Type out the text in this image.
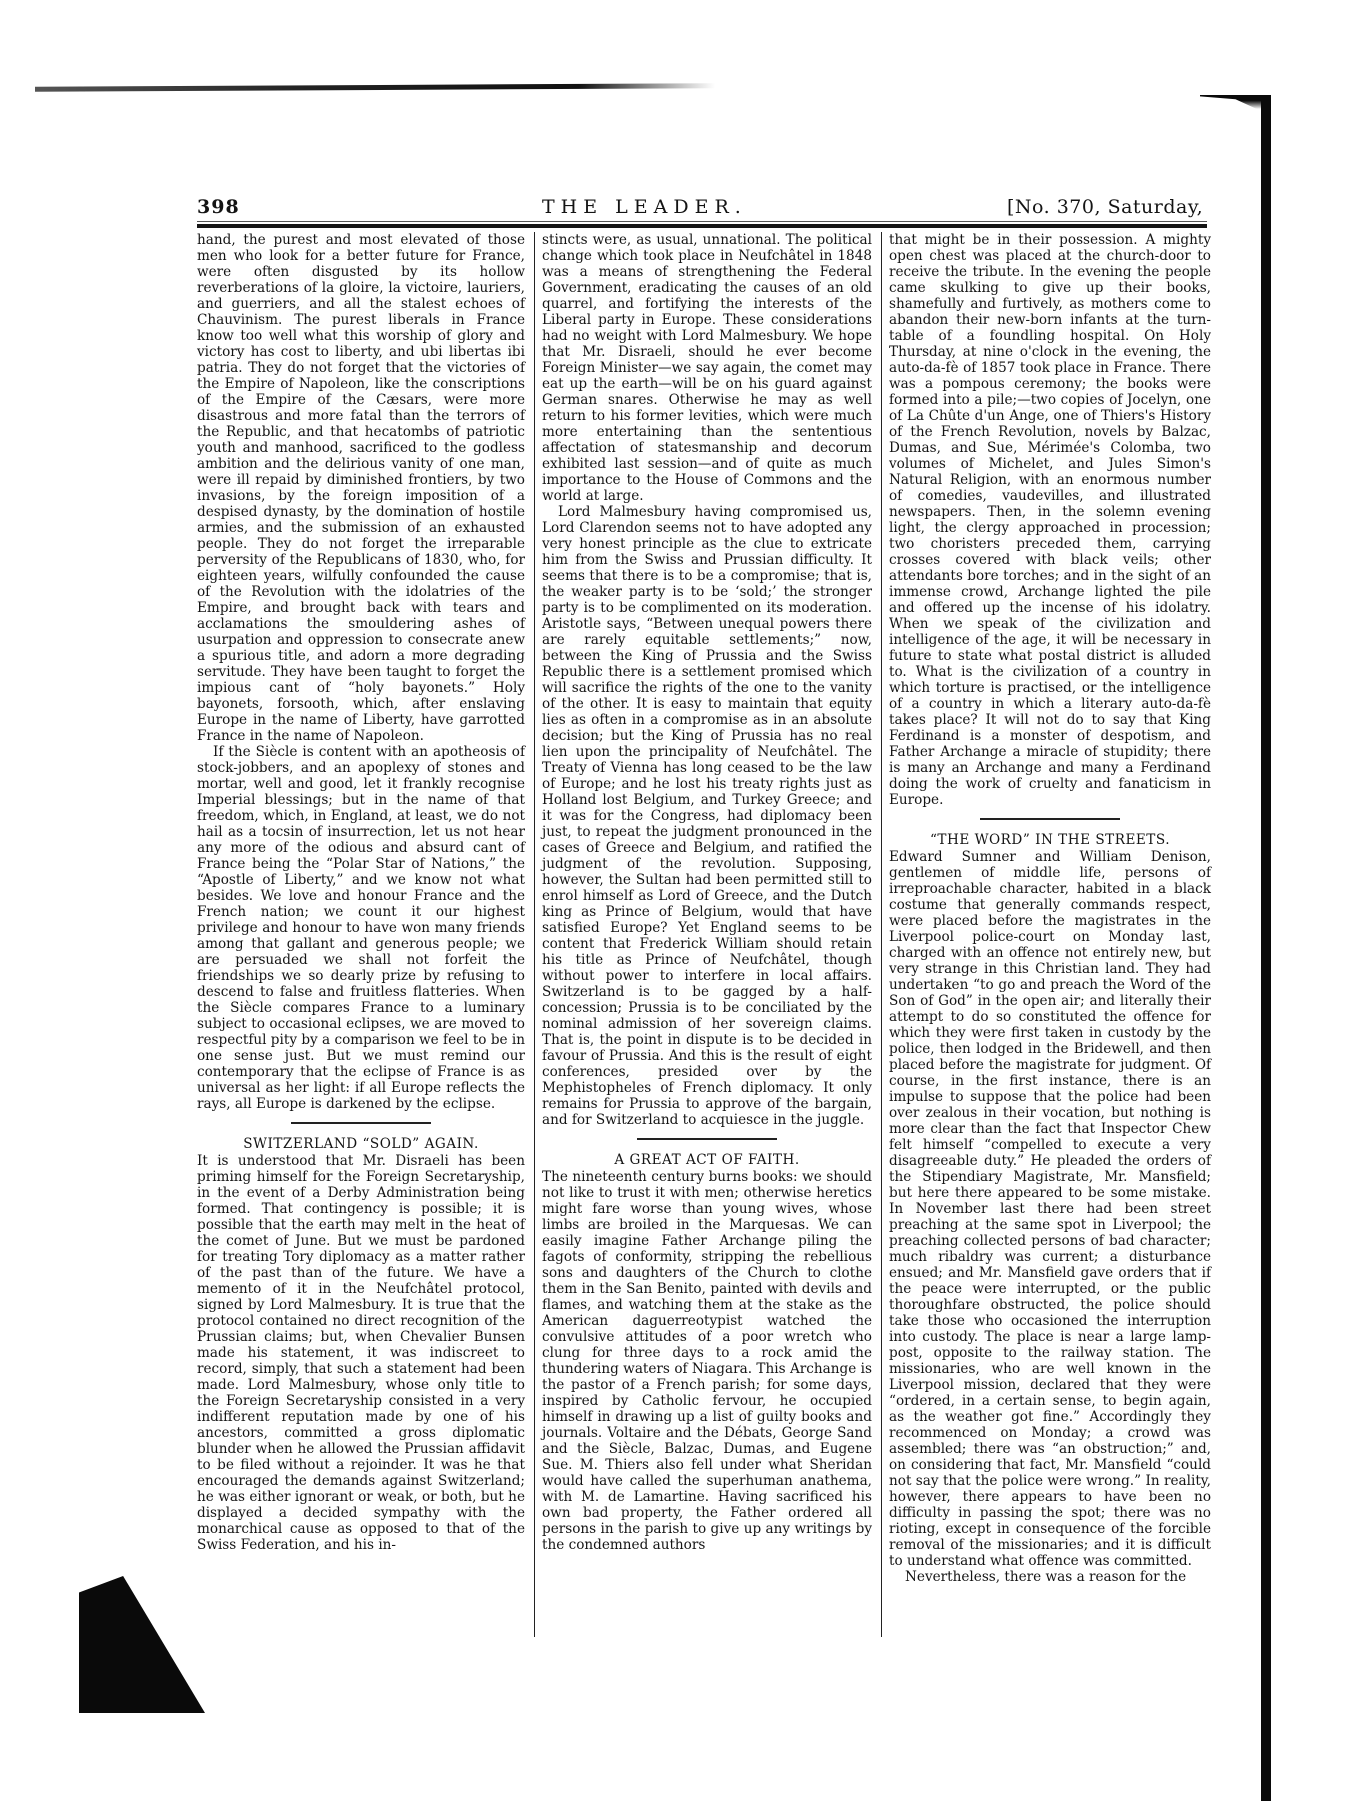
398	THE LEADER.	[No. 370, Saturday,

hand, the purest and most elevated of those men who look for a better future for France, were often disgusted by its hollow reverberations of la gloire, la victoire, lauriers, and guerriers, and all the stalest echoes of Chauvinism. The purest liberals in France know too well what this worship of glory and victory has cost to liberty, and ubi libertas ibi patria. They do not forget that the victories of the Empire of Napoleon, like the conscriptions of the Empire of the Cæsars, were more disastrous and more fatal than the terrors of the Republic, and that hecatombs of patriotic youth and manhood, sacrificed to the godless ambition and the delirious vanity of one man, were ill repaid by diminished frontiers, by two invasions, by the foreign imposition of a despised dynasty, by the domination of hostile armies, and the submission of an exhausted people. They do not forget the irreparable perversity of the Republicans of 1830, who, for eighteen years, wilfully confounded the cause of the Revolution with the idolatries of the Empire, and brought back with tears and acclamations the smouldering ashes of usurpation and oppression to consecrate anew a spurious title, and adorn a more degrading servitude. They have been taught to forget the impious cant of “holy bayonets.” Holy bayonets, forsooth, which, after enslaving Europe in the name of Liberty, have garrotted France in the name of Napoleon.

If the Siècle is content with an apotheosis of stock-jobbers, and an apoplexy of stones and mortar, well and good, let it frankly recognise Imperial blessings; but in the name of that freedom, which, in England, at least, we do not hail as a tocsin of insurrection, let us not hear any more of the odious and absurd cant of France being the “Polar Star of Nations,” the “Apostle of Liberty,” and we know not what besides. We love and honour France and the French nation; we count it our highest privilege and honour to have won many friends among that gallant and generous people; we are persuaded we shall not forfeit the friendships we so dearly prize by refusing to descend to false and fruitless flatteries. When the Siècle compares France to a luminary subject to occasional eclipses, we are moved to respectful pity by a comparison we feel to be in one sense just. But we must remind our contemporary that the eclipse of France is as universal as her light: if all Europe reflects the rays, all Europe is darkened by the eclipse.

SWITZERLAND “SOLD” AGAIN.

It is understood that Mr. Disraeli has been priming himself for the Foreign Secretaryship, in the event of a Derby Administration being formed. That contingency is possible; it is possible that the earth may melt in the heat of the comet of June. But we must be pardoned for treating Tory diplomacy as a matter rather of the past than of the future. We have a memento of it in the Neufchâtel protocol, signed by Lord Malmesbury. It is true that the protocol contained no direct recognition of the Prussian claims; but, when Chevalier Bunsen made his statement, it was indiscreet to record, simply, that such a statement had been made. Lord Malmesbury, whose only title to the Foreign Secretaryship consisted in a very indifferent reputation made by one of his ancestors, committed a gross diplomatic blunder when he allowed the Prussian affidavit to be filed without a rejoinder. It was he that encouraged the demands against Switzerland; he was either ignorant or weak, or both, but he displayed a decided sympathy with the monarchical cause as opposed to that of the Swiss Federation, and his in-

stincts were, as usual, unnational. The political change which took place in Neufchâtel in 1848 was a means of strengthening the Federal Government, eradicating the causes of an old quarrel, and fortifying the interests of the Liberal party in Europe. These considerations had no weight with Lord Malmesbury. We hope that Mr. Disraeli, should he ever become Foreign Minister—we say again, the comet may eat up the earth—will be on his guard against German snares. Otherwise he may as well return to his former levities, which were much more entertaining than the sententious affectation of statesmanship and decorum exhibited last session—and of quite as much importance to the House of Commons and the world at large.

Lord Malmesbury having compromised us, Lord Clarendon seems not to have adopted any very honest principle as the clue to extricate him from the Swiss and Prussian difficulty. It seems that there is to be a compromise; that is, the weaker party is to be ‘sold;’ the stronger party is to be complimented on its moderation. Aristotle says, “Between unequal powers there are rarely equitable settlements;” now, between the King of Prussia and the Swiss Republic there is a settlement promised which will sacrifice the rights of the one to the vanity of the other. It is easy to maintain that equity lies as often in a compromise as in an absolute decision; but the King of Prussia has no real lien upon the principality of Neufchâtel. The Treaty of Vienna has long ceased to be the law of Europe; and he lost his treaty rights just as Holland lost Belgium, and Turkey Greece; and it was for the Congress, had diplomacy been just, to repeat the judgment pronounced in the cases of Greece and Belgium, and ratified the judgment of the revolution. Supposing, however, the Sultan had been permitted still to enrol himself as Lord of Greece, and the Dutch king as Prince of Belgium, would that have satisfied Europe? Yet England seems to be content that Frederick William should retain his title as Prince of Neufchâtel, though without power to interfere in local affairs. Switzerland is to be gagged by a half-concession; Prussia is to be conciliated by the nominal admission of her sovereign claims. That is, the point in dispute is to be decided in favour of Prussia. And this is the result of eight conferences, presided over by the Mephistopheles of French diplomacy. It only remains for Prussia to approve of the bargain, and for Switzerland to acquiesce in the juggle.

A GREAT ACT OF FAITH.

The nineteenth century burns books: we should not like to trust it with men; otherwise heretics might fare worse than young wives, whose limbs are broiled in the Marquesas. We can easily imagine Father Archange piling the fagots of conformity, stripping the rebellious sons and daughters of the Church to clothe them in the San Benito, painted with devils and flames, and watching them at the stake as the American daguerreotypist watched the convulsive attitudes of a poor wretch who clung for three days to a rock amid the thundering waters of Niagara. This Archange is the pastor of a French parish; for some days, inspired by Catholic fervour, he occupied himself in drawing up a list of guilty books and journals. Voltaire and the Débats, George Sand and the Siècle, Balzac, Dumas, and Eugene Sue. M. Thiers also fell under what Sheridan would have called the superhuman anathema, with M. de Lamartine. Having sacrificed his own bad property, the Father ordered all persons in the parish to give up any writings by the condemned authors

that might be in their possession. A mighty open chest was placed at the church-door to receive the tribute. In the evening the people came skulking to give up their books, shamefully and furtively, as mothers come to abandon their new-born infants at the turn-table of a foundling hospital. On Holy Thursday, at nine o'clock in the evening, the auto-da-fè of 1857 took place in France. There was a pompous ceremony; the books were formed into a pile;—two copies of Jocelyn, one of La Chûte d'un Ange, one of Thiers's History of the French Revolution, novels by Balzac, Dumas, and Sue, Mérimée's Colomba, two volumes of Michelet, and Jules Simon's Natural Religion, with an enormous number of comedies, vaudevilles, and illustrated newspapers. Then, in the solemn evening light, the clergy approached in procession; two choristers preceded them, carrying crosses covered with black veils; other attendants bore torches; and in the sight of an immense crowd, Archange lighted the pile and offered up the incense of his idolatry. When we speak of the civilization and intelligence of the age, it will be necessary in future to state what postal district is alluded to. What is the civilization of a country in which torture is practised, or the intelligence of a country in which a literary auto-da-fè takes place? It will not do to say that King Ferdinand is a monster of despotism, and Father Archange a miracle of stupidity; there is many an Archange and many a Ferdinand doing the work of cruelty and fanaticism in Europe.

“THE WORD” IN THE STREETS.

Edward Sumner and William Denison, gentlemen of middle life, persons of irreproachable character, habited in a black costume that generally commands respect, were placed before the magistrates in the Liverpool police-court on Monday last, charged with an offence not entirely new, but very strange in this Christian land. They had undertaken “to go and preach the Word of the Son of God” in the open air; and literally their attempt to do so constituted the offence for which they were first taken in custody by the police, then lodged in the Bridewell, and then placed before the magistrate for judgment. Of course, in the first instance, there is an impulse to suppose that the police had been over zealous in their vocation, but nothing is more clear than the fact that Inspector Chew felt himself “compelled to execute a very disagreeable duty.” He pleaded the orders of the Stipendiary Magistrate, Mr. Mansfield; but here there appeared to be some mistake. In November last there had been street preaching at the same spot in Liverpool; the preaching collected persons of bad character; much ribaldry was current; a disturbance ensued; and Mr. Mansfield gave orders that if the peace were interrupted, or the public thoroughfare obstructed, the police should take those who occasioned the interruption into custody. The place is near a large lamp-post, opposite to the railway station. The missionaries, who are well known in the Liverpool mission, declared that they were “ordered, in a certain sense, to begin again, as the weather got fine.” Accordingly they recommenced on Monday; a crowd was assembled; there was “an obstruction;” and, on considering that fact, Mr. Mansfield “could not say that the police were wrong.” In reality, however, there appears to have been no difficulty in passing the spot; there was no rioting, except in consequence of the forcible removal of the missionaries; and it is difficult to understand what offence was committed.

Nevertheless, there was a reason for the
